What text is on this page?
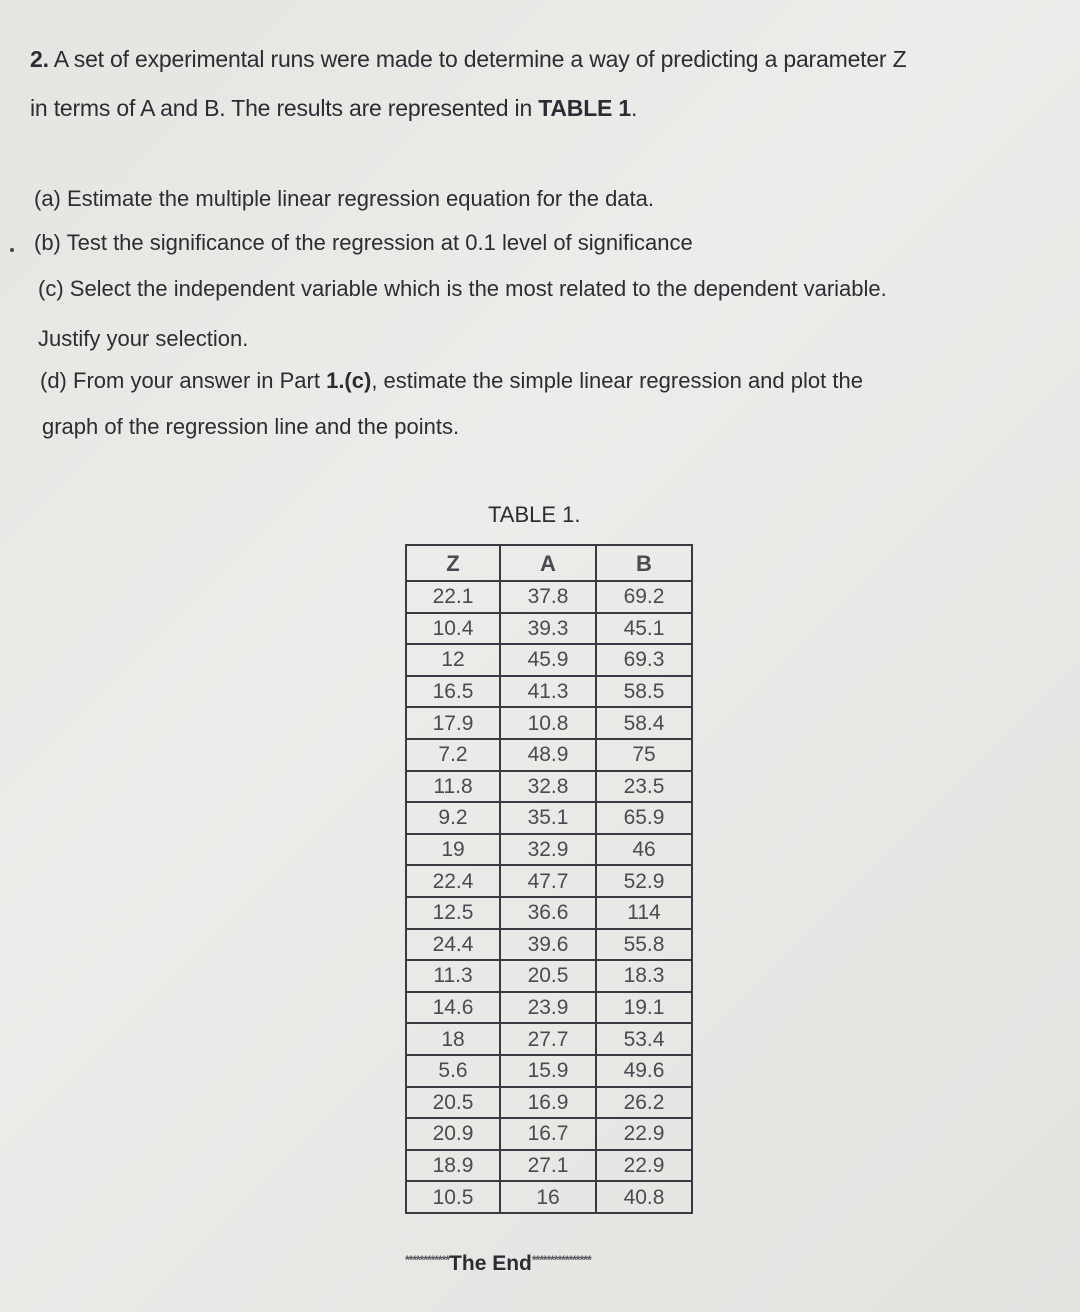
2. A set of experimental runs were made to determine a way of predicting a parameter Z
in terms of A and B. The results are represented in TABLE 1.
(a) Estimate the multiple linear regression equation for the data.
(b) Test the significance of the regression at 0.1 level of significance
(c) Select the independent variable which is the most related to the dependent variable.
Justify your selection.
(d) From your answer in Part 1.(c), estimate the simple linear regression and plot the
graph of the regression line and the points.
TABLE 1.
Z	A	B
22.1	37.8	69.2
10.4	39.3	45.1
12	45.9	69.3
16.5	41.3	58.5
17.9	10.8	58.4
7.2	48.9	75
11.8	32.8	23.5
9.2	35.1	65.9
19	32.9	46
22.4	47.7	52.9
12.5	36.6	114
24.4	39.6	55.8
11.3	20.5	18.3
14.6	23.9	19.1
18	27.7	53.4
5.6	15.9	49.6
20.5	16.9	26.2
20.9	16.7	22.9
18.9	27.1	22.9
10.5	16	40.8
************The End****************
